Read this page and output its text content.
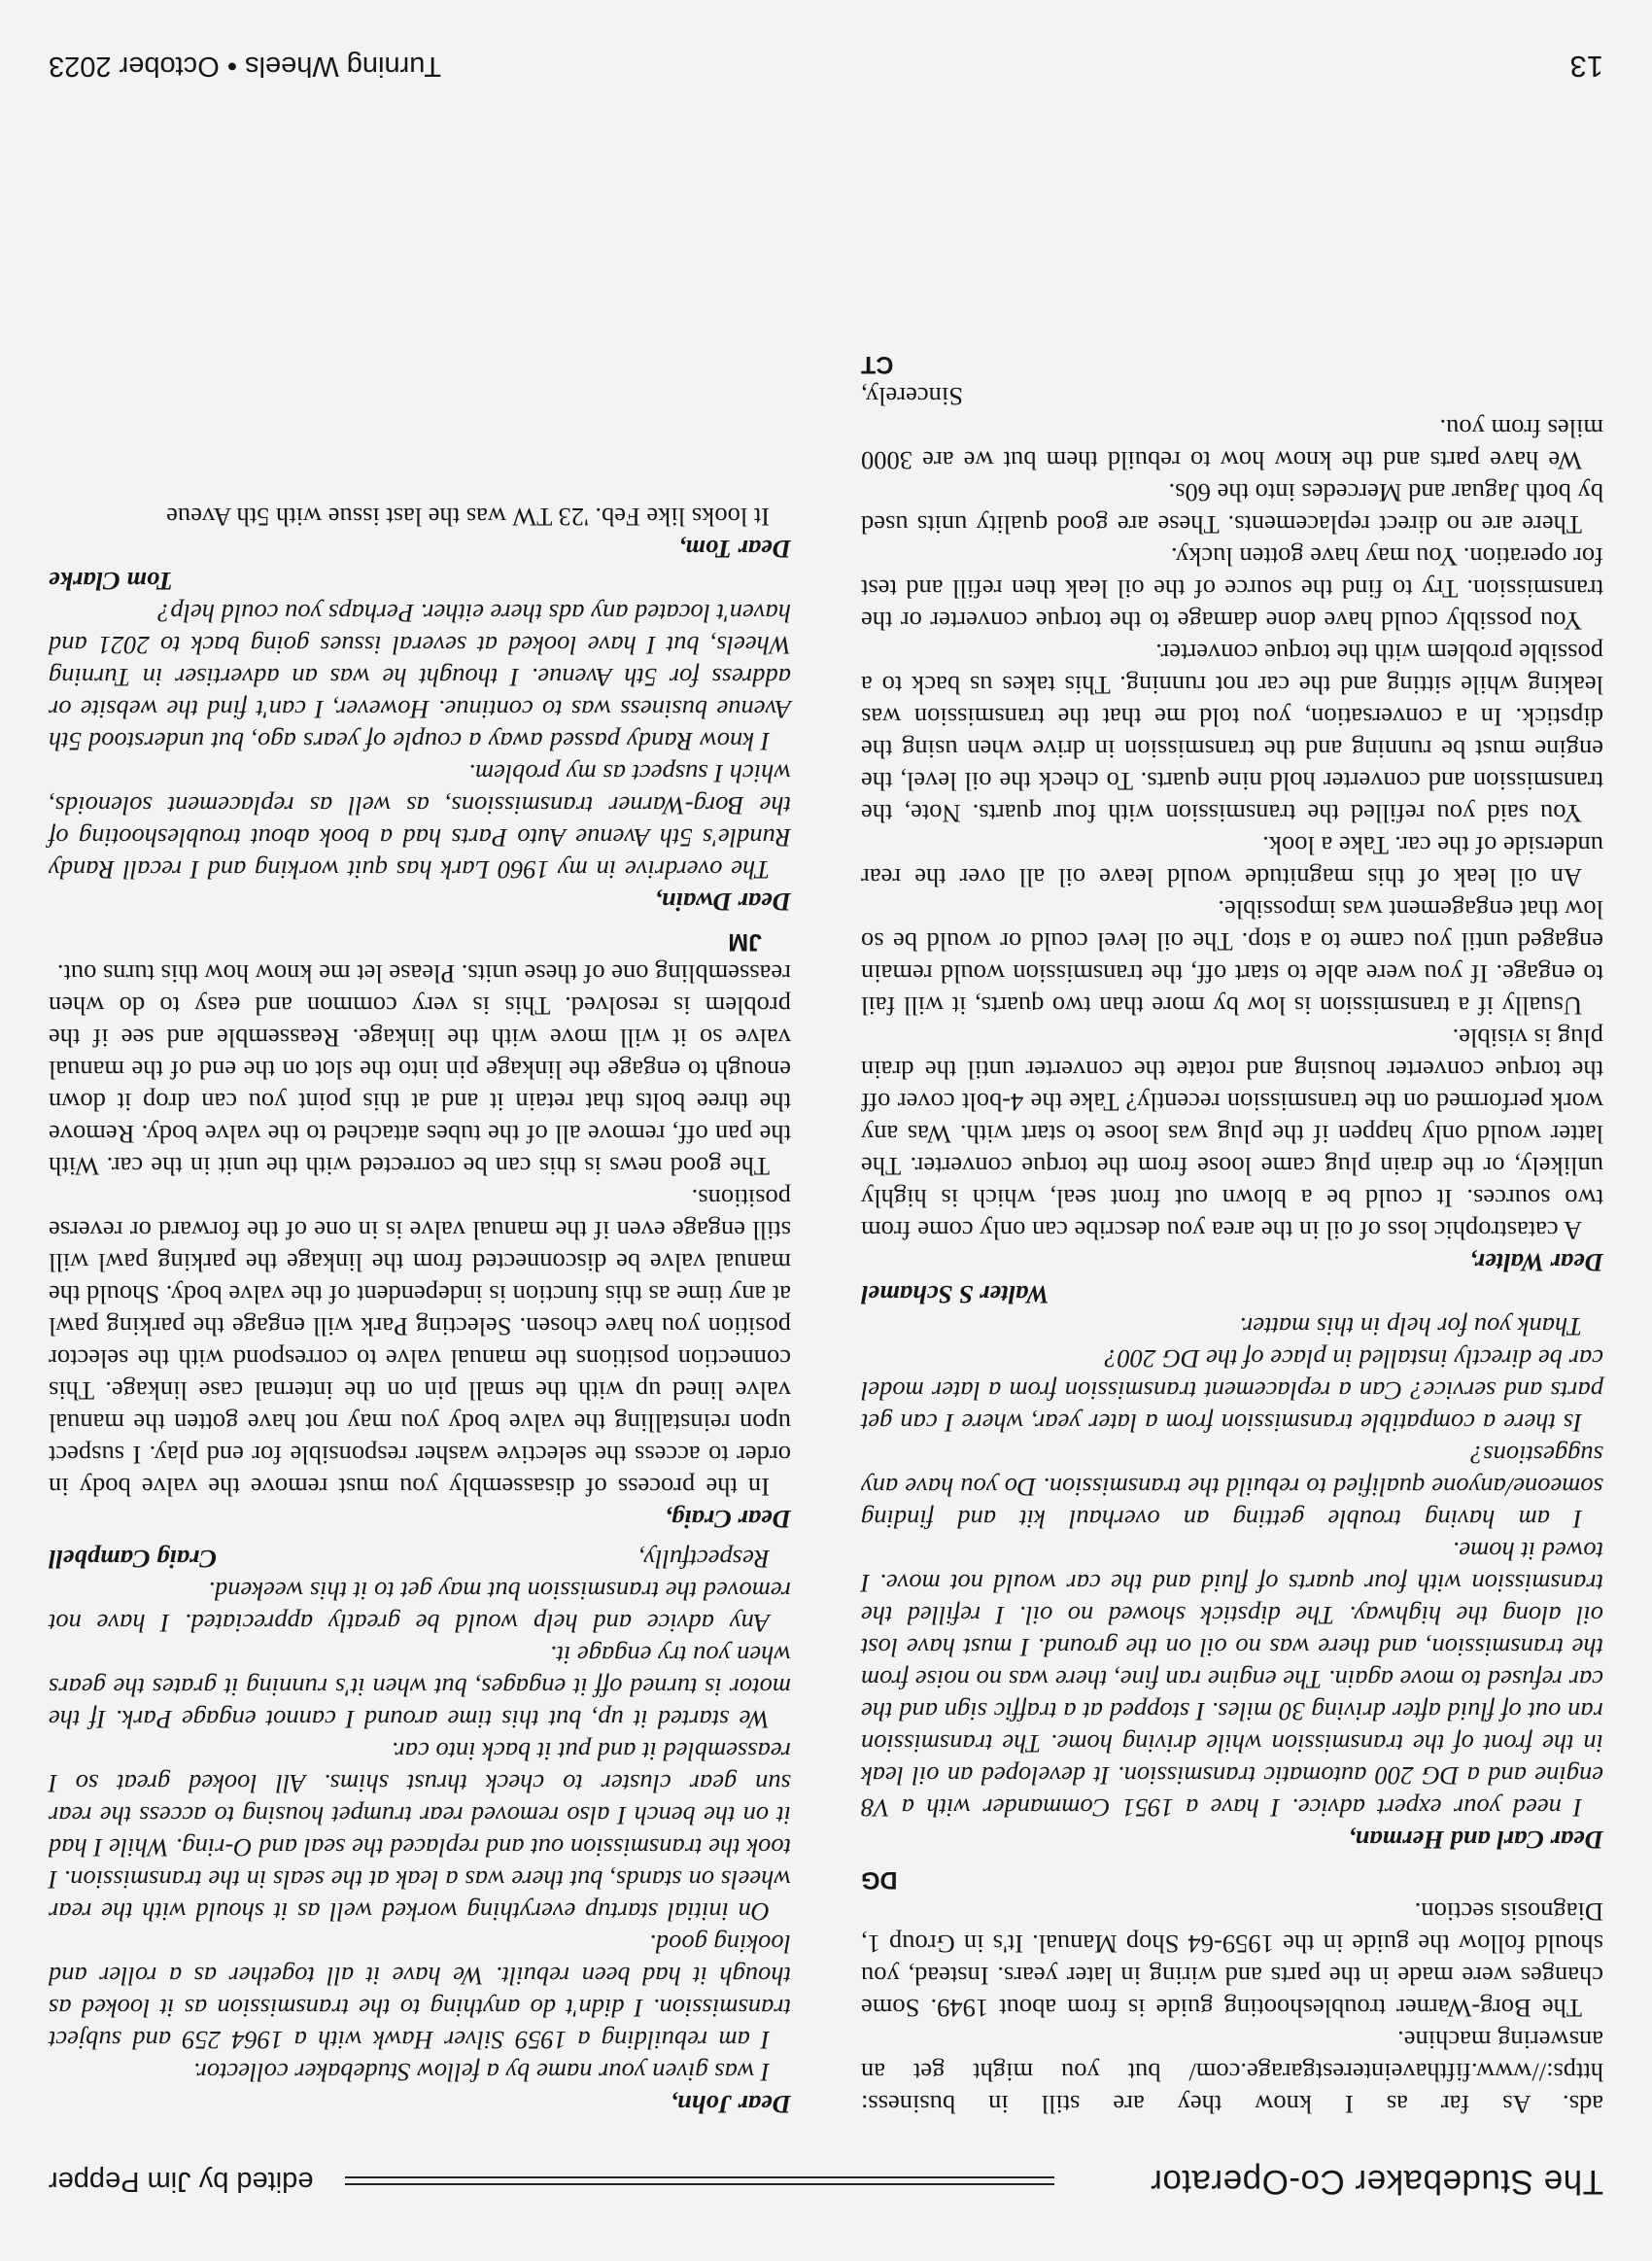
The Studebaker Co-Operator
edited by Jim Pepper

ads. As far as I know they are still in business: https://www.fifthaveinterestgarage.com/ but you might get an answering machine.

The Borg-Warner troubleshooting guide is from about 1949. Some changes were made in the parts and wiring in later years. Instead, you should follow the guide in the 1959-64 Shop Manual. It's in Group 1, Diagnosis section.

DG

Dear Carl and Herman,

I need your expert advice. I have a 1951 Commander with a V8 engine and a DG 200 automatic transmission. It developed an oil leak in the front of the transmission while driving home. The transmission ran out of fluid after driving 30 miles. I stopped at a traffic sign and the car refused to move again. The engine ran fine, there was no noise from the transmission, and there was no oil on the ground. I must have lost oil along the highway. The dipstick showed no oil. I refilled the transmission with four quarts of fluid and the car would not move. I towed it home.

I am having trouble getting an overhaul kit and finding someone/anyone qualified to rebuild the transmission. Do you have any suggestions?

Is there a compatible transmission from a later year, where I can get parts and service? Can a replacement transmission from a later model car be directly installed in place of the DG 200?

Thank you for help in this matter.

Walter S Schamel

Dear Walter,

A catastrophic loss of oil in the area you describe can only come from two sources. It could be a blown out front seal, which is highly unlikely, or the drain plug came loose from the torque converter. The latter would only happen if the plug was loose to start with. Was any work performed on the transmission recently? Take the 4-bolt cover off the torque converter housing and rotate the converter until the drain plug is visible.

Usually if a transmission is low by more than two quarts, it will fail to engage. If you were able to start off, the transmission would remain engaged until you came to a stop. The oil level could or would be so low that engagement was impossible.

An oil leak of this magnitude would leave oil all over the rear underside of the car. Take a look.

You said you refilled the transmission with four quarts. Note, the transmission and converter hold nine quarts. To check the oil level, the engine must be running and the transmission in drive when using the dipstick. In a conversation, you told me that the transmission was leaking while sitting and the car not running. This takes us back to a possible problem with the torque converter.

You possibly could have done damage to the torque converter or the transmission. Try to find the source of the oil leak then refill and test for operation. You may have gotten lucky.

There are no direct replacements. These are good quality units used by both Jaguar and Mercedes into the 60s.

We have parts and the know how to rebuild them but we are 3000 miles from you.

Sincerely,
CT

Dear John,

I was given your name by a fellow Studebaker collector.

I am rebuilding a 1959 Silver Hawk with a 1964 259 and subject transmission. I didn't do anything to the transmission as it looked as though it had been rebuilt. We have it all together as a roller and looking good.

On initial startup everything worked well as it should with the rear wheels on stands, but there was a leak at the seals in the transmission. I took the transmission out and replaced the seal and O-ring. While I had it on the bench I also removed rear trumpet housing to access the rear sun gear cluster to check thrust shims. All looked great so I reassembled it and put it back into car.

We started it up, but this time around I cannot engage Park. If the motor is turned off it engages, but when it's running it grates the gears when you try engage it.

Any advice and help would be greatly appreciated. I have not removed the transmission but may get to it this weekend.

Respectfully,
Craig Campbell

Dear Craig,

In the process of disassembly you must remove the valve body in order to access the selective washer responsible for end play. I suspect upon reinstalling the valve body you may not have gotten the manual valve lined up with the small pin on the internal case linkage. This connection positions the manual valve to correspond with the selector position you have chosen. Selecting Park will engage the parking pawl at any time as this function is independent of the valve body. Should the manual valve be disconnected from the linkage the parking pawl will still engage even if the manual valve is in one of the forward or reverse positions.

The good news is this can be corrected with the unit in the car. With the pan off, remove all of the tubes attached to the valve body. Remove the three bolts that retain it and at this point you can drop it down enough to engage the linkage pin into the slot on the end of the manual valve so it will move with the linkage. Reassemble and see if the problem is resolved. This is very common and easy to do when reassembling one of these units. Please let me know how this turns out.

JM

Dear Dwain,

The overdrive in my 1960 Lark has quit working and I recall Randy Rundle's 5th Avenue Auto Parts had a book about troubleshooting of the Borg-Warner transmissions, as well as replacement solenoids, which I suspect as my problem.

I know Randy passed away a couple of years ago, but understood 5th Avenue business was to continue. However, I can't find the website or address for 5th Avenue. I thought he was an advertiser in Turning Wheels, but I have looked at several issues going back to 2021 and haven't located any ads there either. Perhaps you could help?

Tom Clarke

Dear Tom,

It looks like Feb. '23 TW was the last issue with 5th Aveue

13
Turning Wheels • October 2023
